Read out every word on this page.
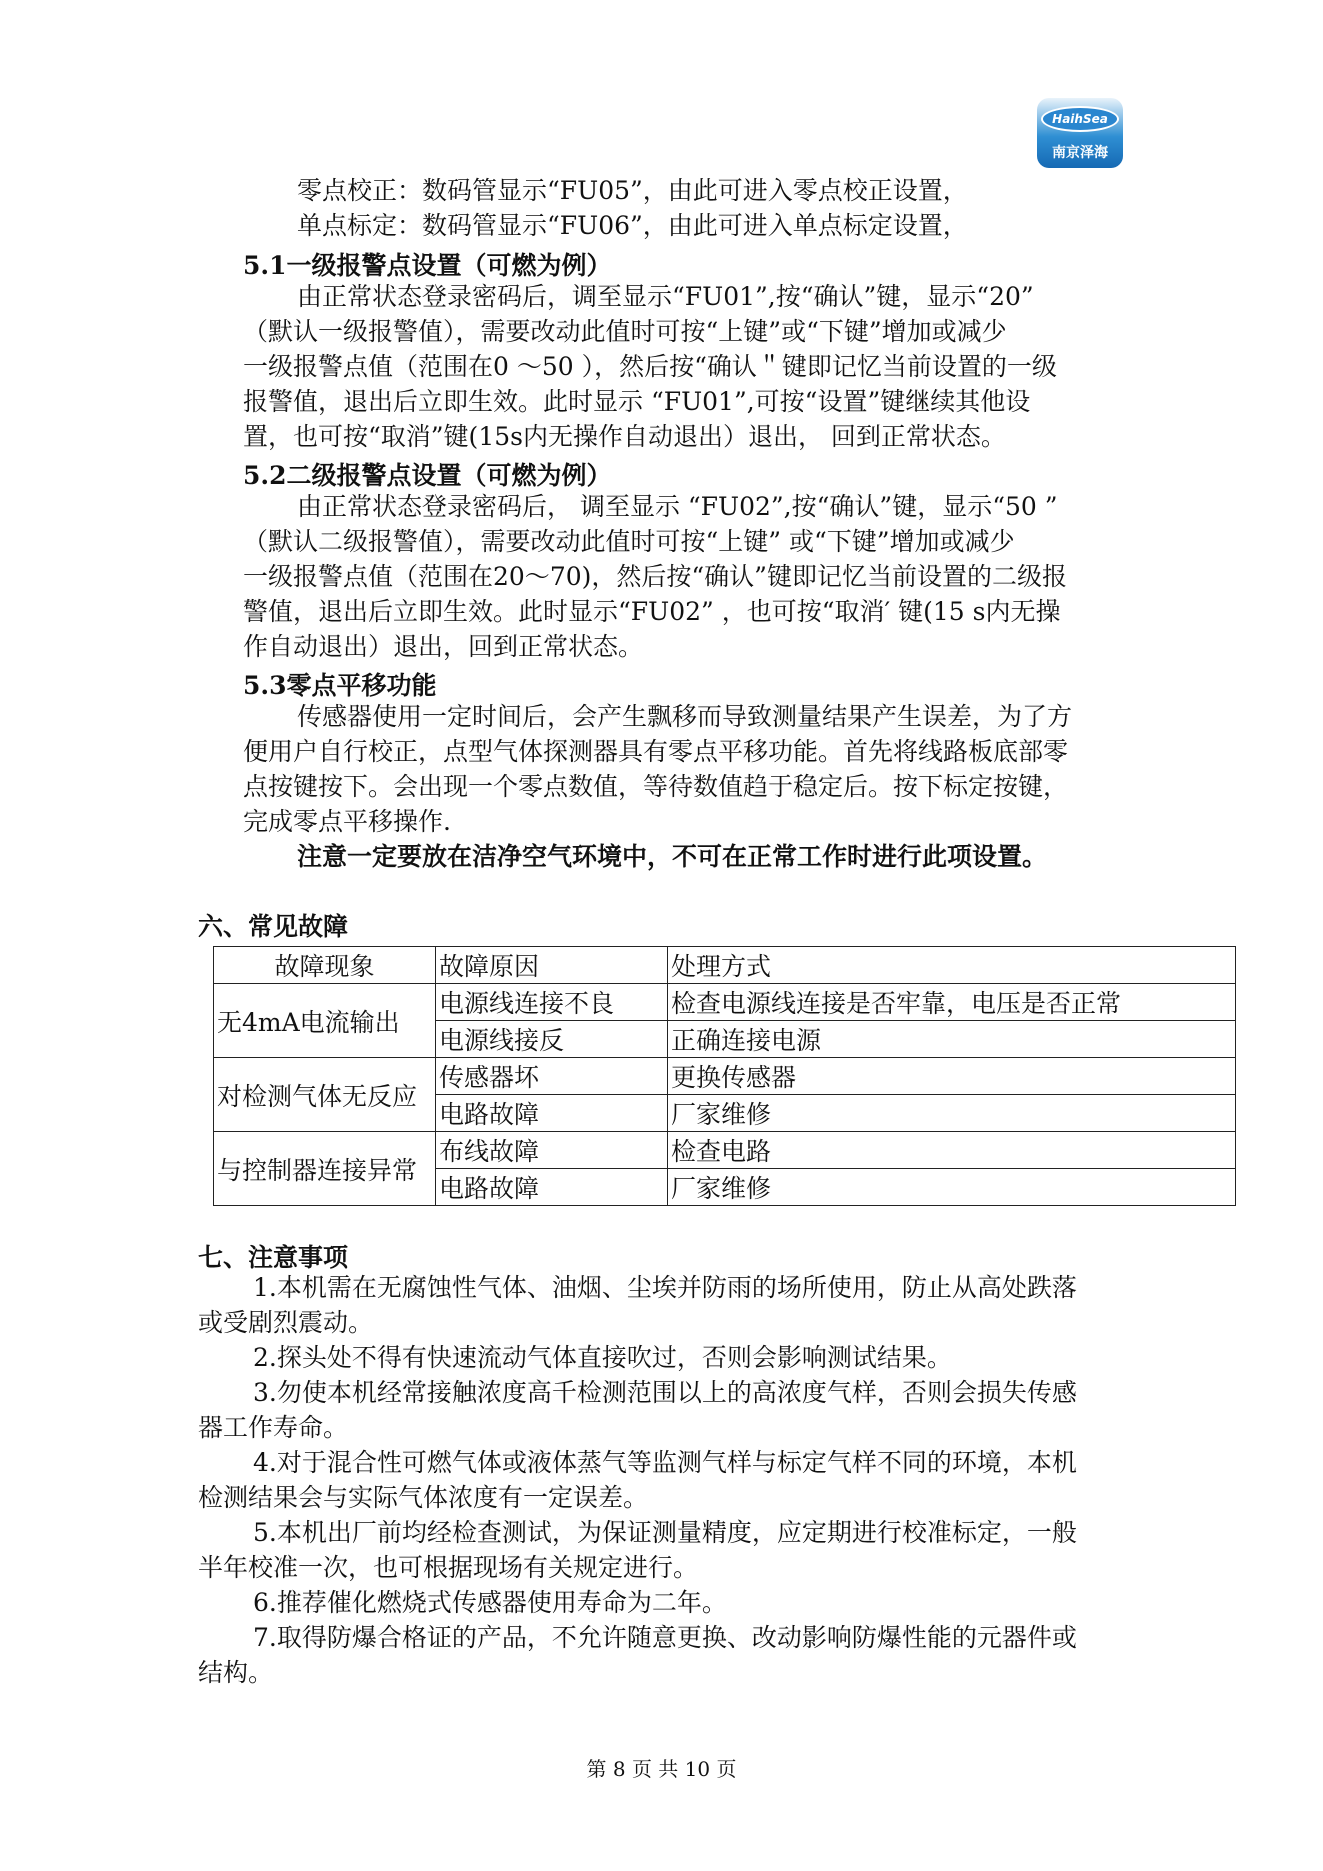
HaihSea
南京泽海
零点校正：数码管显示“FU05”，由此可进入零点校正设置，
单点标定：数码管显示“FU06”，由此可进入单点标定设置，
5.1一级报警点设置（可燃为例）
由正常状态登录密码后，调至显示“FU01”,按“确认”键，显示“20”
（默认一级报警值），需要改动此值时可按“上键”或“下键”增加或减少
一级报警点值（范围在0 ～50 ），然后按“确认＂键即记忆当前设置的一级
报警值，退出后立即生效。此时显示 “FU01”,可按“设置”键继续其他设
置，也可按“取消”键(15s内无操作自动退出）退出， 回到正常状态。
5.2二级报警点设置（可燃为例）
由正常状态登录密码后， 调至显示 “FU02”,按“确认”键，显示“50 ”
（默认二级报警值），需要改动此值时可按“上键” 或“下键”增加或减少
一级报警点值（范围在20～70)，然后按“确认”键即记忆当前设置的二级报
警值，退出后立即生效。此时显示“FU02” ，也可按“取消′ 键(15 s内无操
作自动退出）退出，回到正常状态。
5.3零点平移功能
传感器使用一定时间后，会产生飘移而导致测量结果产生误差，为了方
便用户自行校正，点型气体探测器具有零点平移功能。首先将线路板底部零
点按键按下。会出现一个零点数值，等待数值趋于稳定后。按下标定按键，
完成零点平移操作.
注意一定要放在洁净空气环境中，不可在正常工作时进行此项设置。
六、常见故障
故障现象	故障原因	处理方式
无4mA电流输出	电源线连接不良	检查电源线连接是否牢靠，电压是否正常
	电源线接反	正确连接电源
对检测气体无反应	传感器坏	更换传感器
	电路故障	厂家维修
与控制器连接异常	布线故障	检查电路
	电路故障	厂家维修
七、注意事项
1.本机需在无腐蚀性气体、油烟、尘埃并防雨的场所使用，防止从高处跌落
或受剧烈震动。
2.探头处不得有快速流动气体直接吹过，否则会影响测试结果。
3.勿使本机经常接触浓度高千检测范围以上的高浓度气样，否则会损失传感
器工作寿命。
4.对于混合性可燃气体或液体蒸气等监测气样与标定气样不同的环境，本机
检测结果会与实际气体浓度有一定误差。
5.本机出厂前均经检查测试，为保证测量精度，应定期进行校准标定，一般
半年校准一次，也可根据现场有关规定进行。
6.推荐催化燃烧式传感器使用寿命为二年。
7.取得防爆合格证的产品，不允许随意更换、改动影响防爆性能的元器件或
结构。
第 8 页 共 10 页
